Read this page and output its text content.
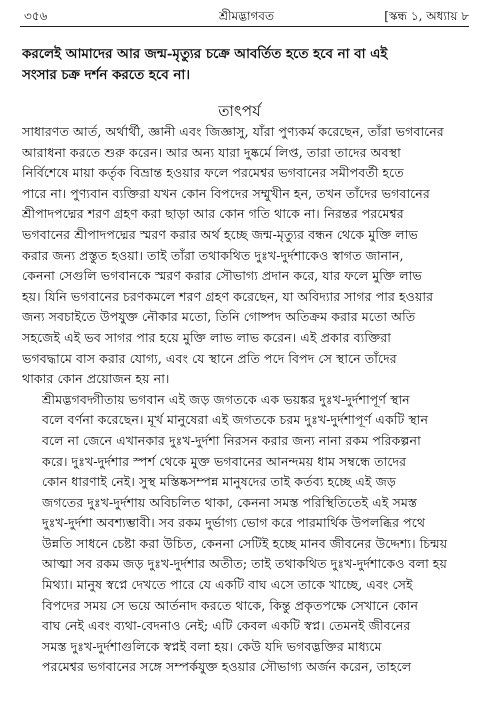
৩৫৬	শ্রীমদ্ভাগবত	[স্কন্ধ ১, অধ্যায় ৮
করলেই আমাদের আর জন্ম-মৃত্যুর চক্রে আবর্তিত হতে হবে না বা এই
সংসার চক্র দর্শন করতে হবে না।
তাৎপর্য

সাধারণত আর্ত, অর্থার্থী, জ্ঞানী এবং জিজ্ঞাসু, যাঁরা পুণ্যকর্ম করেছেন, তাঁরা ভগবানের
আরাধনা করতে শুরু করেন। আর অন্য যারা দুষ্কর্মে লিপ্ত, তারা তাদের অবস্থা
নির্বিশেষে মায়া কর্তৃক বিভ্রান্ত হওয়ার ফলে পরমেশ্বর ভগবানের সমীপবর্তী হতে
পারে না। পুণ্যবান ব্যক্তিরা যখন কোন বিপদের সম্মুখীন হন, তখন তাঁদের ভগবানের
শ্রীপাদপদ্মের শরণ গ্রহণ করা ছাড়া আর কোন গতি থাকে না। নিরন্তর পরমেশ্বর
ভগবানের শ্রীপাদপদ্মের স্মরণ করার অর্থ হচ্ছে জন্ম-মৃত্যুর বন্ধন থেকে মুক্তি লাভ
করার জন্য প্রস্তুত হওয়া। তাই তাঁরা তথাকথিত দুঃখ-দুর্দশাকেও স্বাগত জানান,
কেননা সেগুলি ভগবানকে স্মরণ করার সৌভাগ্য প্রদান করে, যার ফলে মুক্তি লাভ
হয়। যিনি ভগবানের চরণকমলে শরণ গ্রহণ করেছেন, যা অবিদ্যার সাগর পার হওয়ার
জন্য সবচাইতে উপযুক্ত নৌকার মতো, তিনি গোষ্পদ অতিক্রম করার মতো অতি
সহজেই এই ভব সাগর পার হয়ে মুক্তি লাভ লাভ করেন। এই প্রকার ব্যক্তিরা
ভগবদ্ধামে বাস করার যোগ্য, এবং যে স্থানে প্রতি পদে বিপদ সে স্থানে তাঁদের
থাকার কোন প্রয়োজন হয় না।

শ্রীমদ্ভগবদ্গীতায় ভগবান এই জড় জগতকে এক ভয়ঙ্কর দুঃখ-দুর্দশাপূর্ণ স্থান
বলে বর্ণনা করেছেন। মূর্খ মানুষেরা এই জগতকে চরম দুঃখ-দুর্দশাপূর্ণ একটি স্থান
বলে না জেনে এখানকার দুঃখ-দুর্দশা নিরসন করার জন্য নানা রকম পরিকল্পনা
করে। দুঃখ-দুর্দশার স্পর্শ থেকে মুক্ত ভগবানের আনন্দময় ধাম সম্বন্ধে তাদের
কোন ধারণাই নেই। সুস্থ মস্তিষ্কসম্পন্ন মানুষদের তাই কর্তব্য হচ্ছে এই জড়
জগতের দুঃখ-দুর্দশায় অবিচলিত থাকা, কেননা সমস্ত পরিস্থিতিতেই এই সমস্ত
দুঃখ-দুর্দশা অবশ্যম্ভাবী। সব রকম দুর্ভাগ্য ভোগ করে পারমার্থিক উপলব্ধির পথে
উন্নতি সাধনে চেষ্টা করা উচিত, কেননা সেটিই হচ্ছে মানব জীবনের উদ্দেশ্য। চিন্ময়
আত্মা সব রকম জড় দুঃখ-দুর্দশার অতীত; তাই তথাকথিত দুঃখ-দুর্দশাকেও বলা হয়
মিথ্যা। মানুষ স্বপ্নে দেখতে পারে যে একটি বাঘ এসে তাকে খাচ্ছে, এবং সেই
বিপদের সময় সে ভয়ে আর্তনাদ করতে থাকে, কিন্তু প্রকৃতপক্ষে সেখানে কোন
বাঘ নেই এবং ব্যথা-বেদনাও নেই; এটি কেবল একটি স্বপ্ন। তেমনই জীবনের
সমস্ত দুঃখ-দুর্দশাগুলিকে স্বপ্নই বলা হয়। কেউ যদি ভগবদ্ভক্তির মাধ্যমে
পরমেশ্বর ভগবানের সঙ্গে সম্পর্কযুক্ত হওয়ার সৌভাগ্য অর্জন করেন, তাহলে
